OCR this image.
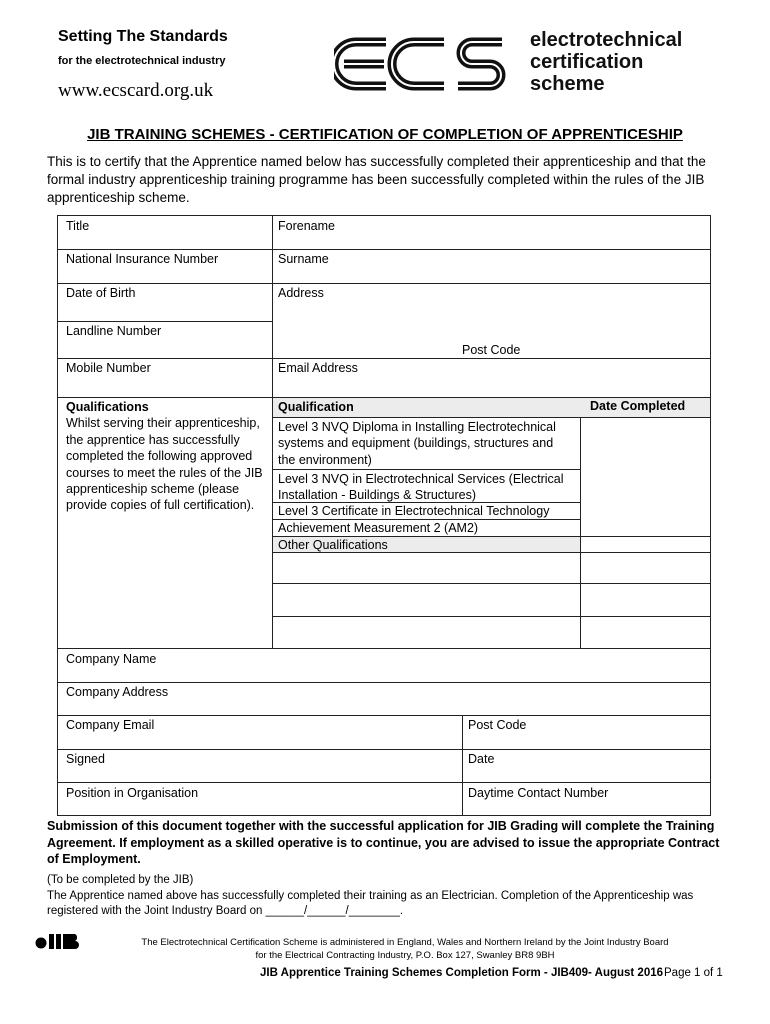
Setting The Standards
for the electrotechnical industry
www.ecscard.org.uk
electrotechnical
certification
scheme
JIB TRAINING SCHEMES - CERTIFICATION OF COMPLETION OF APPRENTICESHIP
This is to certify that the Apprentice named below has successfully completed their apprenticeship and that the formal industry apprenticeship training programme has been successfully completed within the rules of the JIB apprenticeship scheme.
Title	Forename
National Insurance Number	Surname
Date of Birth	Address
Landline Number
Post Code
Mobile Number	Email Address
Qualifications
Whilst serving their apprenticeship, the apprentice has successfully completed the following approved courses to meet the rules of the JIB apprenticeship scheme (please provide copies of full certification).
Qualification	Date Completed
Level 3 NVQ Diploma in Installing Electrotechnical systems and equipment (buildings, structures and the environment)
Level 3 NVQ in Electrotechnical Services (Electrical Installation - Buildings & Structures)
Level 3 Certificate in Electrotechnical Technology
Achievement Measurement 2 (AM2)
Other Qualifications
Company Name
Company Address
Company Email	Post Code
Signed	Date
Position in Organisation	Daytime Contact Number
Submission of this document together with the successful application for JIB Grading will complete the Training Agreement. If employment as a skilled operative is to continue, you are advised to issue the appropriate Contract of Employment.
(To be completed by the JIB)
The Apprentice named above has successfully completed their training as an Electrician. Completion of the Apprenticeship was registered with the Joint Industry Board on ______/______/________.
JIB
The Electrotechnical Certification Scheme is administered in England, Wales and Northern Ireland by the Joint Industry Board
for the Electrical Contracting Industry, P.O. Box 127, Swanley BR8 9BH
JIB Apprentice Training Schemes Completion Form - JIB409- August 2016 Page 1 of 1
